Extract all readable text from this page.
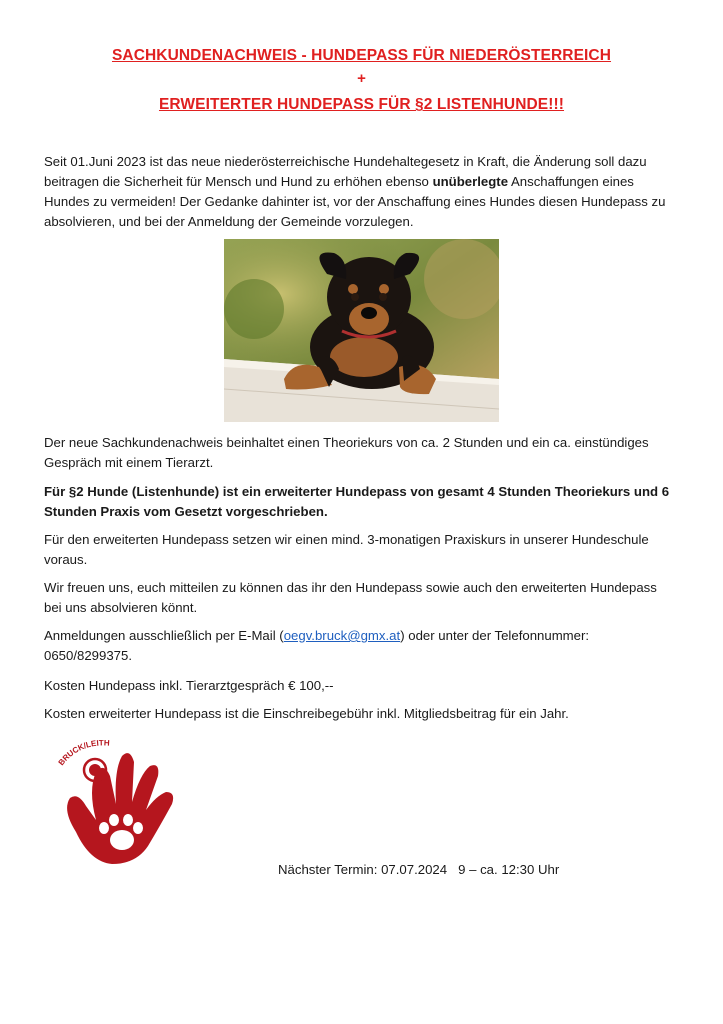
SACHKUNDENACHWEIS - HUNDEPASS FÜR NIEDERÖSTERREICH
+
ERWEITERTER HUNDEPASS FÜR §2 LISTENHUNDE!!!
Seit 01.Juni 2023 ist das neue niederösterreichische Hundehaltegesetz in Kraft, die Änderung soll dazu beitragen die Sicherheit für Mensch und Hund zu erhöhen ebenso unüberlegte Anschaffungen eines Hundes zu vermeiden! Der Gedanke dahinter ist, vor der Anschaffung eines Hundes diesen Hundepass zu absolvieren, und bei der Anmeldung der Gemeinde vorzulegen.
Der neue Sachkundenachweis beinhaltet einen Theoriekurs von ca. 2 Stunden und ein ca. einstündiges Gespräch mit einem Tierarzt.
Für §2 Hunde (Listenhunde) ist ein erweiterter Hundepass von gesamt 4 Stunden Theoriekurs und 6 Stunden Praxis vom Gesetzt vorgeschrieben.
Für den erweiterten Hundepass setzen wir einen mind. 3-monatigen Praxiskurs in unserer Hundeschule voraus.
Wir freuen uns, euch mitteilen zu können das ihr den Hundepass sowie auch den erweiterten Hundepass bei uns absolvieren könnt.
Anmeldungen ausschließlich per E-Mail (oegv.bruck@gmx.at) oder unter der Telefonnummer: 0650/8299375.
Kosten Hundepass inkl. Tierarztgespräch € 100,--
Kosten erweiterter Hundepass ist die Einschreibegebühr inkl. Mitgliedsbeitrag für ein Jahr.
BRUCK/LEITH
Nächster Termin: 07.07.2024   9 – ca. 12:30 Uhr
